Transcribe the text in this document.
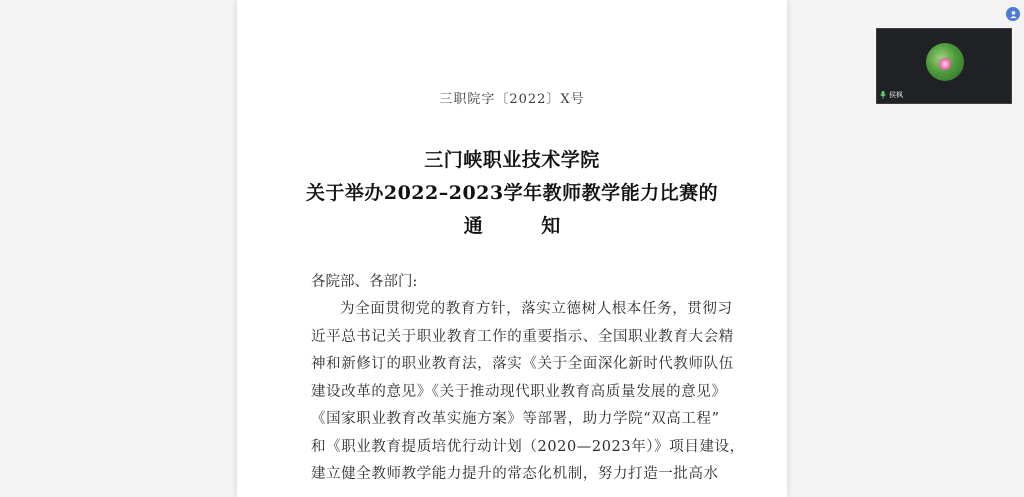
三职院字〔2022〕X号
三门峡职业技术学院
关于举办2022–2023学年教师教学能力比赛的
通 知
各院部、各部门:
为全面贯彻党的教育方针，落实立德树人根本任务，贯彻习
近平总书记关于职业教育工作的重要指示、全国职业教育大会精
神和新修订的职业教育法，落实《关于全面深化新时代教师队伍
建设改革的意见》《关于推动现代职业教育高质量发展的意见》
《国家职业教育改革实施方案》等部署，助力学院“双高工程”
和《职业教育提质培优行动计划（2020—2023年）》项目建设，
建立健全教师教学能力提升的常态化机制，努力打造一批高水
侯枫
